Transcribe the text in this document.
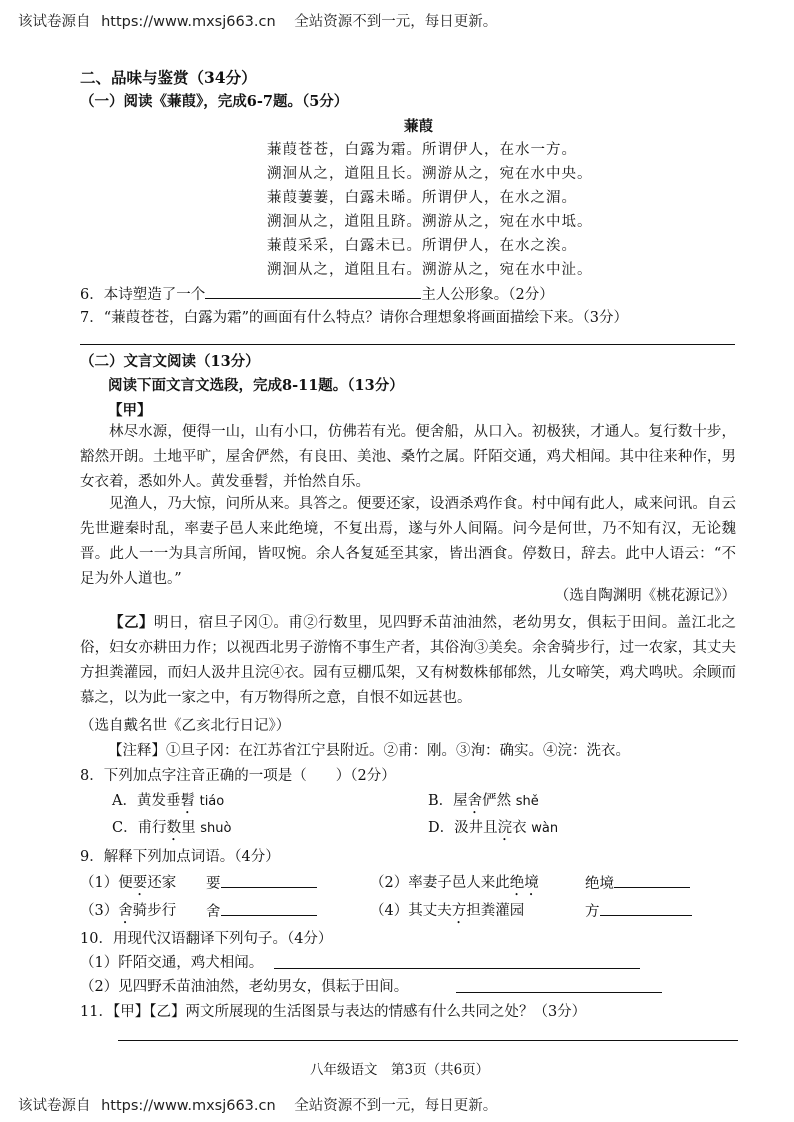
该试卷源自 https://www.mxsj663.cn 全站资源不到一元，每日更新。
二、品味与鉴赏（34分）
（一）阅读《蒹葭》，完成6-7题。（5分）
蒹葭
蒹葭苍苍，白露为霜。所谓伊人，在水一方。
溯洄从之，道阻且长。溯游从之，宛在水中央。
蒹葭萋萋，白露未晞。所谓伊人，在水之湄。
溯洄从之，道阻且跻。溯游从之，宛在水中坻。
蒹葭采采，白露未已。所谓伊人，在水之涘。
溯洄从之，道阻且右。溯游从之，宛在水中沚。
6．本诗塑造了一个	主人公形象。（2分）
7．“蒹葭苍苍，白露为霜”的画面有什么特点？请你合理想象将画面描绘下来。（3分）
（二）文言文阅读（13分）
阅读下面文言文选段，完成8-11题。（13分）
【甲】
林尽水源，便得一山，山有小口，仿佛若有光。便舍船，从口入。初极狭，才通人。复行数十步，豁然开朗。土地平旷，屋舍俨然，有良田、美池、桑竹之属。阡陌交通，鸡犬相闻。其中往来种作，男女衣着，悉如外人。黄发垂髫，并怡然自乐。
见渔人，乃大惊，问所从来。具答之。便要还家，设酒杀鸡作食。村中闻有此人，咸来问讯。自云先世避秦时乱，率妻子邑人来此绝境，不复出焉，遂与外人间隔。问今是何世，乃不知有汉，无论魏晋。此人一一为具言所闻，皆叹惋。余人各复延至其家，皆出酒食。停数日，辞去。此中人语云：“不足为外人道也。”
（选自陶渊明《桃花源记》）
【乙】明日，宿旦子冈①。甫②行数里，见四野禾苗油油然，老幼男女，俱耘于田间。盖江北之俗，妇女亦耕田力作；以视西北男子游惰不事生产者，其俗洵③美矣。余舍骑步行，过一农家，其丈夫方担粪灌园，而妇人汲井且浣④衣。园有豆棚瓜架，又有树数株郁郁然，儿女啼笑，鸡犬鸣吠。余顾而慕之，以为此一家之中，有万物得所之意，自恨不如远甚也。
（选自戴名世《乙亥北行日记》）
【注释】①旦子冈：在江苏省江宁县附近。②甫：刚。③洵：确实。④浣：洗衣。
8．下列加点字注音正确的一项是（　　）（2分）
A．黄发垂髫 tiáo	B．屋舍俨然 shě
C．甫行数里 shuò	D．汲井且浣衣 wàn
9．解释下列加点词语。（4分）
（1）便要还家 要	（2）率妻子邑人来此绝境	绝境
（3）舍骑步行 舍	（4）其丈夫方担粪灌园	方
10．用现代汉语翻译下列句子。（4分）
（1）阡陌交通，鸡犬相闻。
（2）见四野禾苗油油然，老幼男女，俱耘于田间。
11．【甲】【乙】两文所展现的生活图景与表达的情感有什么共同之处？（3分）
八年级语文　第3页（共6页）
该试卷源自 https://www.mxsj663.cn 全站资源不到一元，每日更新。
